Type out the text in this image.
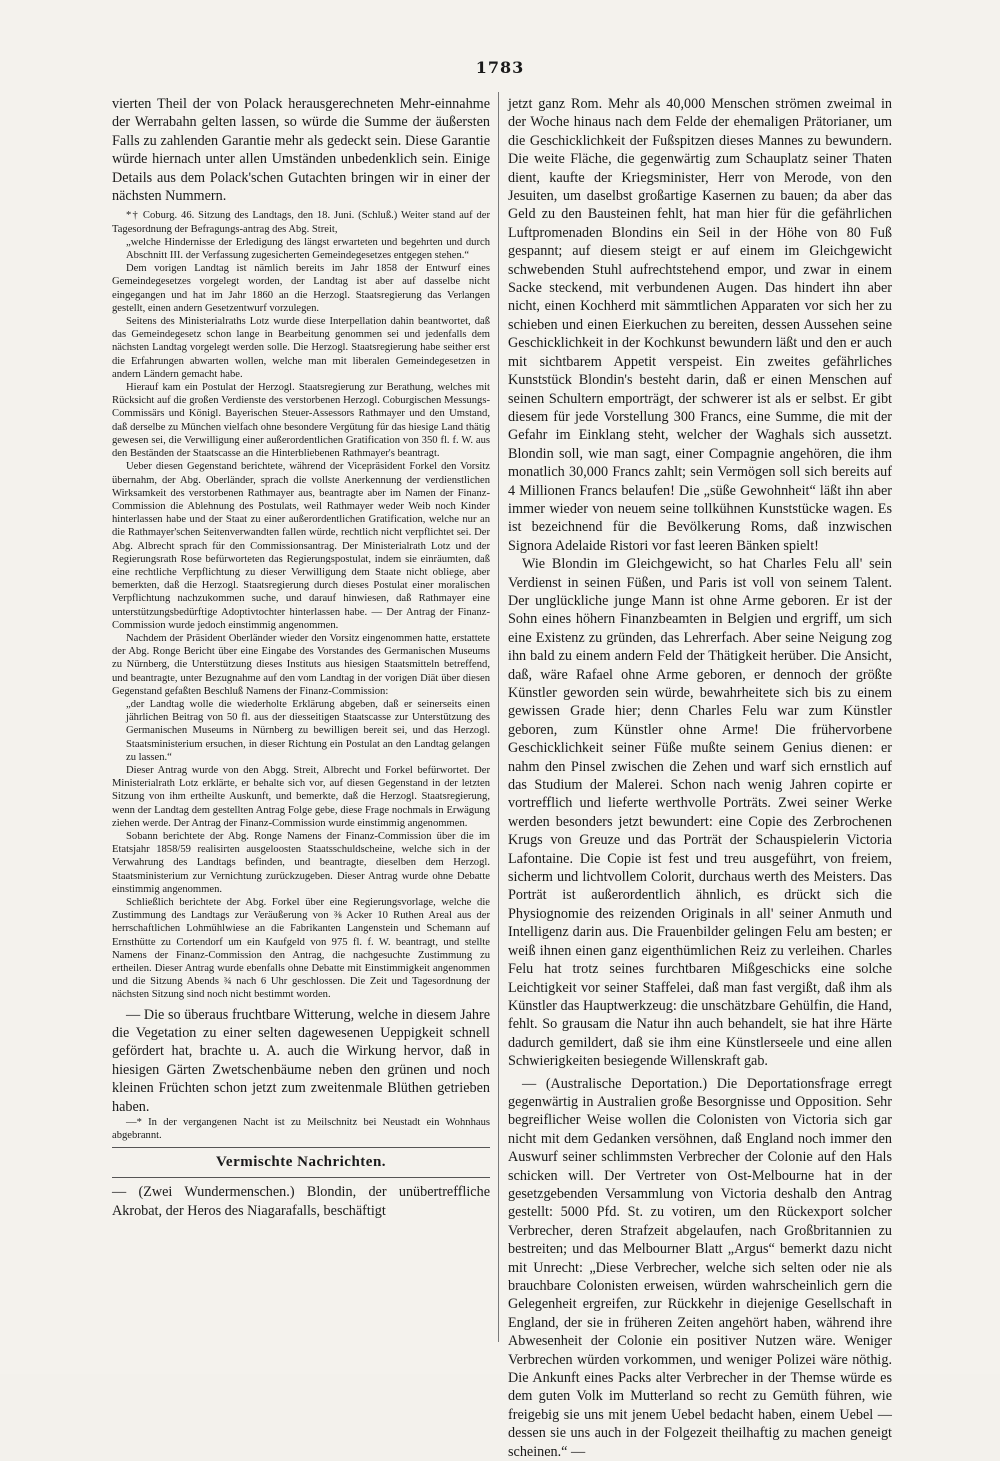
1783

vierten Theil der von Polack herausgerechneten Mehr-einnahme der Werrabahn gelten lassen, so würde die Summe der äußersten Falls zu zahlenden Garantie mehr als gedeckt sein. Diese Garantie würde hiernach unter allen Umständen unbedenklich sein. Einige Details aus dem Polack'schen Gutachten bringen wir in einer der nächsten Nummern.

*† Coburg. 46. Sitzung des Landtags, den 18. Juni. (Schluß.) Weiter stand auf der Tagesordnung der Befragungs-antrag des Abg. Streit,

„welche Hindernisse der Erledigung des längst erwarteten und begehrten und durch Abschnitt III. der Verfassung zugesicherten Gemeindegesetzes entgegen stehen.“

Dem vorigen Landtag ist nämlich bereits im Jahr 1858 der Entwurf eines Gemeindegesetzes vorgelegt worden, der Landtag ist aber auf dasselbe nicht eingegangen und hat im Jahr 1860 an die Herzogl. Staatsregierung das Verlangen gestellt, einen andern Gesetzentwurf vorzulegen.

Seitens des Ministerialraths Lotz wurde diese Interpellation dahin beantwortet, daß das Gemeindegesetz schon lange in Bearbeitung genommen sei und jedenfalls dem nächsten Landtag vorgelegt werden solle. Die Herzogl. Staatsregierung habe seither erst die Erfahrungen abwarten wollen, welche man mit liberalen Gemeindegesetzen in andern Ländern gemacht habe.

Hierauf kam ein Postulat der Herzogl. Staatsregierung zur Berathung, welches mit Rücksicht auf die großen Verdienste des verstorbenen Herzogl. Coburgischen Messungs-Commissärs und Königl. Bayerischen Steuer-Assessors Rathmayer und den Umstand, daß derselbe zu München vielfach ohne besondere Vergütung für das hiesige Land thätig gewesen sei, die Verwilligung einer außerordentlichen Gratification von 350 fl. f. W. aus den Beständen der Staatscasse an die Hinterbliebenen Rathmayer's beantragt.

Ueber diesen Gegenstand berichtete, während der Vicepräsident Forkel den Vorsitz übernahm, der Abg. Oberländer, sprach die vollste Anerkennung der verdienstlichen Wirksamkeit des verstorbenen Rathmayer aus, beantragte aber im Namen der Finanz-Commission die Ablehnung des Postulats, weil Rathmayer weder Weib noch Kinder hinterlassen habe und der Staat zu einer außerordentlichen Gratification, welche nur an die Rathmayer'schen Seitenverwandten fallen würde, rechtlich nicht verpflichtet sei. Der Abg. Albrecht sprach für den Commissionsantrag. Der Ministerialrath Lotz und der Regierungsrath Rose befürworteten das Regierungspostulat, indem sie einräumten, daß eine rechtliche Verpflichtung zu dieser Verwilligung dem Staate nicht obliege, aber bemerkten, daß die Herzogl. Staatsregierung durch dieses Postulat einer moralischen Verpflichtung nachzukommen suche, und darauf hinwiesen, daß Rathmayer eine unterstützungsbedürftige Adoptivtochter hinterlassen habe. — Der Antrag der Finanz-Commission wurde jedoch einstimmig angenommen.

Nachdem der Präsident Oberländer wieder den Vorsitz eingenommen hatte, erstattete der Abg. Ronge Bericht über eine Eingabe des Vorstandes des Germanischen Museums zu Nürnberg, die Unterstützung dieses Instituts aus hiesigen Staatsmitteln betreffend, und beantragte, unter Bezugnahme auf den vom Landtag in der vorigen Diät über diesen Gegenstand gefaßten Beschluß Namens der Finanz-Commission:

„der Landtag wolle die wiederholte Erklärung abgeben, daß er seinerseits einen jährlichen Beitrag von 50 fl. aus der diesseitigen Staatscasse zur Unterstützung des Germanischen Museums in Nürnberg zu bewilligen bereit sei, und das Herzogl. Staatsministerium ersuchen, in dieser Richtung ein Postulat an den Landtag gelangen zu lassen.“

Dieser Antrag wurde von den Abgg. Streit, Albrecht und Forkel befürwortet. Der Ministerialrath Lotz erklärte, er behalte sich vor, auf diesen Gegenstand in der letzten Sitzung von ihm ertheilte Auskunft, und bemerkte, daß die Herzogl. Staatsregierung, wenn der Landtag dem gestellten Antrag Folge gebe, diese Frage nochmals in Erwägung ziehen werde. Der Antrag der Finanz-Commission wurde einstimmig angenommen.

Sobann berichtete der Abg. Ronge Namens der Finanz-Commission über die im Etatsjahr 1858/59 realisirten ausgeloosten Staatsschuldscheine, welche sich in der Verwahrung des Landtags befinden, und beantragte, dieselben dem Herzogl. Staatsministerium zur Vernichtung zurückzugeben. Dieser Antrag wurde ohne Debatte einstimmig angenommen.

Schließlich berichtete der Abg. Forkel über eine Regierungsvorlage, welche die Zustimmung des Landtags zur Veräußerung von ⅜ Acker 10 Ruthen Areal aus der herrschaftlichen Lohmühlwiese an die Fabrikanten Langenstein und Schemann auf Ernsthütte zu Cortendorf um ein Kaufgeld von 975 fl. f. W. beantragt, und stellte Namens der Finanz-Commission den Antrag, die nachgesuchte Zustimmung zu ertheilen. Dieser Antrag wurde ebenfalls ohne Debatte mit Einstimmigkeit angenommen und die Sitzung Abends ¾ nach 6 Uhr geschlossen. Die Zeit und Tagesordnung der nächsten Sitzung sind noch nicht bestimmt worden.

— Die so überaus fruchtbare Witterung, welche in diesem Jahre die Vegetation zu einer selten dagewesenen Ueppigkeit schnell gefördert hat, brachte u. A. auch die Wirkung hervor, daß in hiesigen Gärten Zwetschenbäume neben den grünen und noch kleinen Früchten schon jetzt zum zweitenmale Blüthen getrieben haben.

—* In der vergangenen Nacht ist zu Meilschnitz bei Neustadt ein Wohnhaus abgebrannt.

Vermischte Nachrichten.

— (Zwei Wundermenschen.) Blondin, der unübertreffliche Akrobat, der Heros des Niagarafalls, beschäftigt

jetzt ganz Rom. Mehr als 40,000 Menschen strömen zweimal in der Woche hinaus nach dem Felde der ehemaligen Prätorianer, um die Geschicklichkeit der Fußspitzen dieses Mannes zu bewundern. Die weite Fläche, die gegenwärtig zum Schauplatz seiner Thaten dient, kaufte der Kriegsminister, Herr von Merode, von den Jesuiten, um daselbst großartige Kasernen zu bauen; da aber das Geld zu den Bausteinen fehlt, hat man hier für die gefährlichen Luftpromenaden Blondins ein Seil in der Höhe von 80 Fuß gespannt; auf diesem steigt er auf einem im Gleichgewicht schwebenden Stuhl aufrechtstehend empor, und zwar in einem Sacke steckend, mit verbundenen Augen. Das hindert ihn aber nicht, einen Kochherd mit sämmtlichen Apparaten vor sich her zu schieben und einen Eierkuchen zu bereiten, dessen Aussehen seine Geschicklichkeit in der Kochkunst bewundern läßt und den er auch mit sichtbarem Appetit verspeist. Ein zweites gefährliches Kunststück Blondin's besteht darin, daß er einen Menschen auf seinen Schultern emporträgt, der schwerer ist als er selbst. Er gibt diesem für jede Vorstellung 300 Francs, eine Summe, die mit der Gefahr im Einklang steht, welcher der Waghals sich aussetzt. Blondin soll, wie man sagt, einer Compagnie angehören, die ihm monatlich 30,000 Francs zahlt; sein Vermögen soll sich bereits auf 4 Millionen Francs belaufen! Die „süße Gewohnheit“ läßt ihn aber immer wieder von neuem seine tollkühnen Kunststücke wagen. Es ist bezeichnend für die Bevölkerung Roms, daß inzwischen Signora Adelaide Ristori vor fast leeren Bänken spielt!

Wie Blondin im Gleichgewicht, so hat Charles Felu all' sein Verdienst in seinen Füßen, und Paris ist voll von seinem Talent. Der unglückliche junge Mann ist ohne Arme geboren. Er ist der Sohn eines höhern Finanzbeamten in Belgien und ergriff, um sich eine Existenz zu gründen, das Lehrerfach. Aber seine Neigung zog ihn bald zu einem andern Feld der Thätigkeit herüber. Die Ansicht, daß, wäre Rafael ohne Arme geboren, er dennoch der größte Künstler geworden sein würde, bewahrheitete sich bis zu einem gewissen Grade hier; denn Charles Felu war zum Künstler geboren, zum Künstler ohne Arme! Die frühervorbene Geschicklichkeit seiner Füße mußte seinem Genius dienen: er nahm den Pinsel zwischen die Zehen und warf sich ernstlich auf das Studium der Malerei. Schon nach wenig Jahren copirte er vortrefflich und lieferte werthvolle Porträts. Zwei seiner Werke werden besonders jetzt bewundert: eine Copie des Zerbrochenen Krugs von Greuze und das Porträt der Schauspielerin Victoria Lafontaine. Die Copie ist fest und treu ausgeführt, von freiem, sicherm und lichtvollem Colorit, durchaus werth des Meisters. Das Porträt ist außerordentlich ähnlich, es drückt sich die Physiognomie des reizenden Originals in all' seiner Anmuth und Intelligenz darin aus. Die Frauenbilder gelingen Felu am besten; er weiß ihnen einen ganz eigenthümlichen Reiz zu verleihen. Charles Felu hat trotz seines furchtbaren Mißgeschicks eine solche Leichtigkeit vor seiner Staffelei, daß man fast vergißt, daß ihm als Künstler das Hauptwerkzeug: die unschätzbare Gehülfin, die Hand, fehlt. So grausam die Natur ihn auch behandelt, sie hat ihre Härte dadurch gemildert, daß sie ihm eine Künstlerseele und eine allen Schwierigkeiten besiegende Willenskraft gab.

— (Australische Deportation.) Die Deportationsfrage erregt gegenwärtig in Australien große Besorgnisse und Opposition. Sehr begreiflicher Weise wollen die Colonisten von Victoria sich gar nicht mit dem Gedanken versöhnen, daß England noch immer den Auswurf seiner schlimmsten Verbrecher der Colonie auf den Hals schicken will. Der Vertreter von Ost-Melbourne hat in der gesetzgebenden Versammlung von Victoria deshalb den Antrag gestellt: 5000 Pfd. St. zu votiren, um den Rückexport solcher Verbrecher, deren Strafzeit abgelaufen, nach Großbritannien zu bestreiten; und das Melbourner Blatt „Argus“ bemerkt dazu nicht mit Unrecht: „Diese Verbrecher, welche sich selten oder nie als brauchbare Colonisten erweisen, würden wahrscheinlich gern die Gelegenheit ergreifen, zur Rückkehr in diejenige Gesellschaft in England, der sie in früheren Zeiten angehört haben, während ihre Abwesenheit der Colonie ein positiver Nutzen wäre. Weniger Verbrechen würden vorkommen, und weniger Polizei wäre nöthig. Die Ankunft eines Packs alter Verbrecher in der Themse würde es dem guten Volk im Mutterland so recht zu Gemüth führen, wie freigebig sie uns mit jenem Uebel bedacht haben, einem Uebel — dessen sie uns auch in der Folgezeit theilhaftig zu machen geneigt scheinen.“ —
